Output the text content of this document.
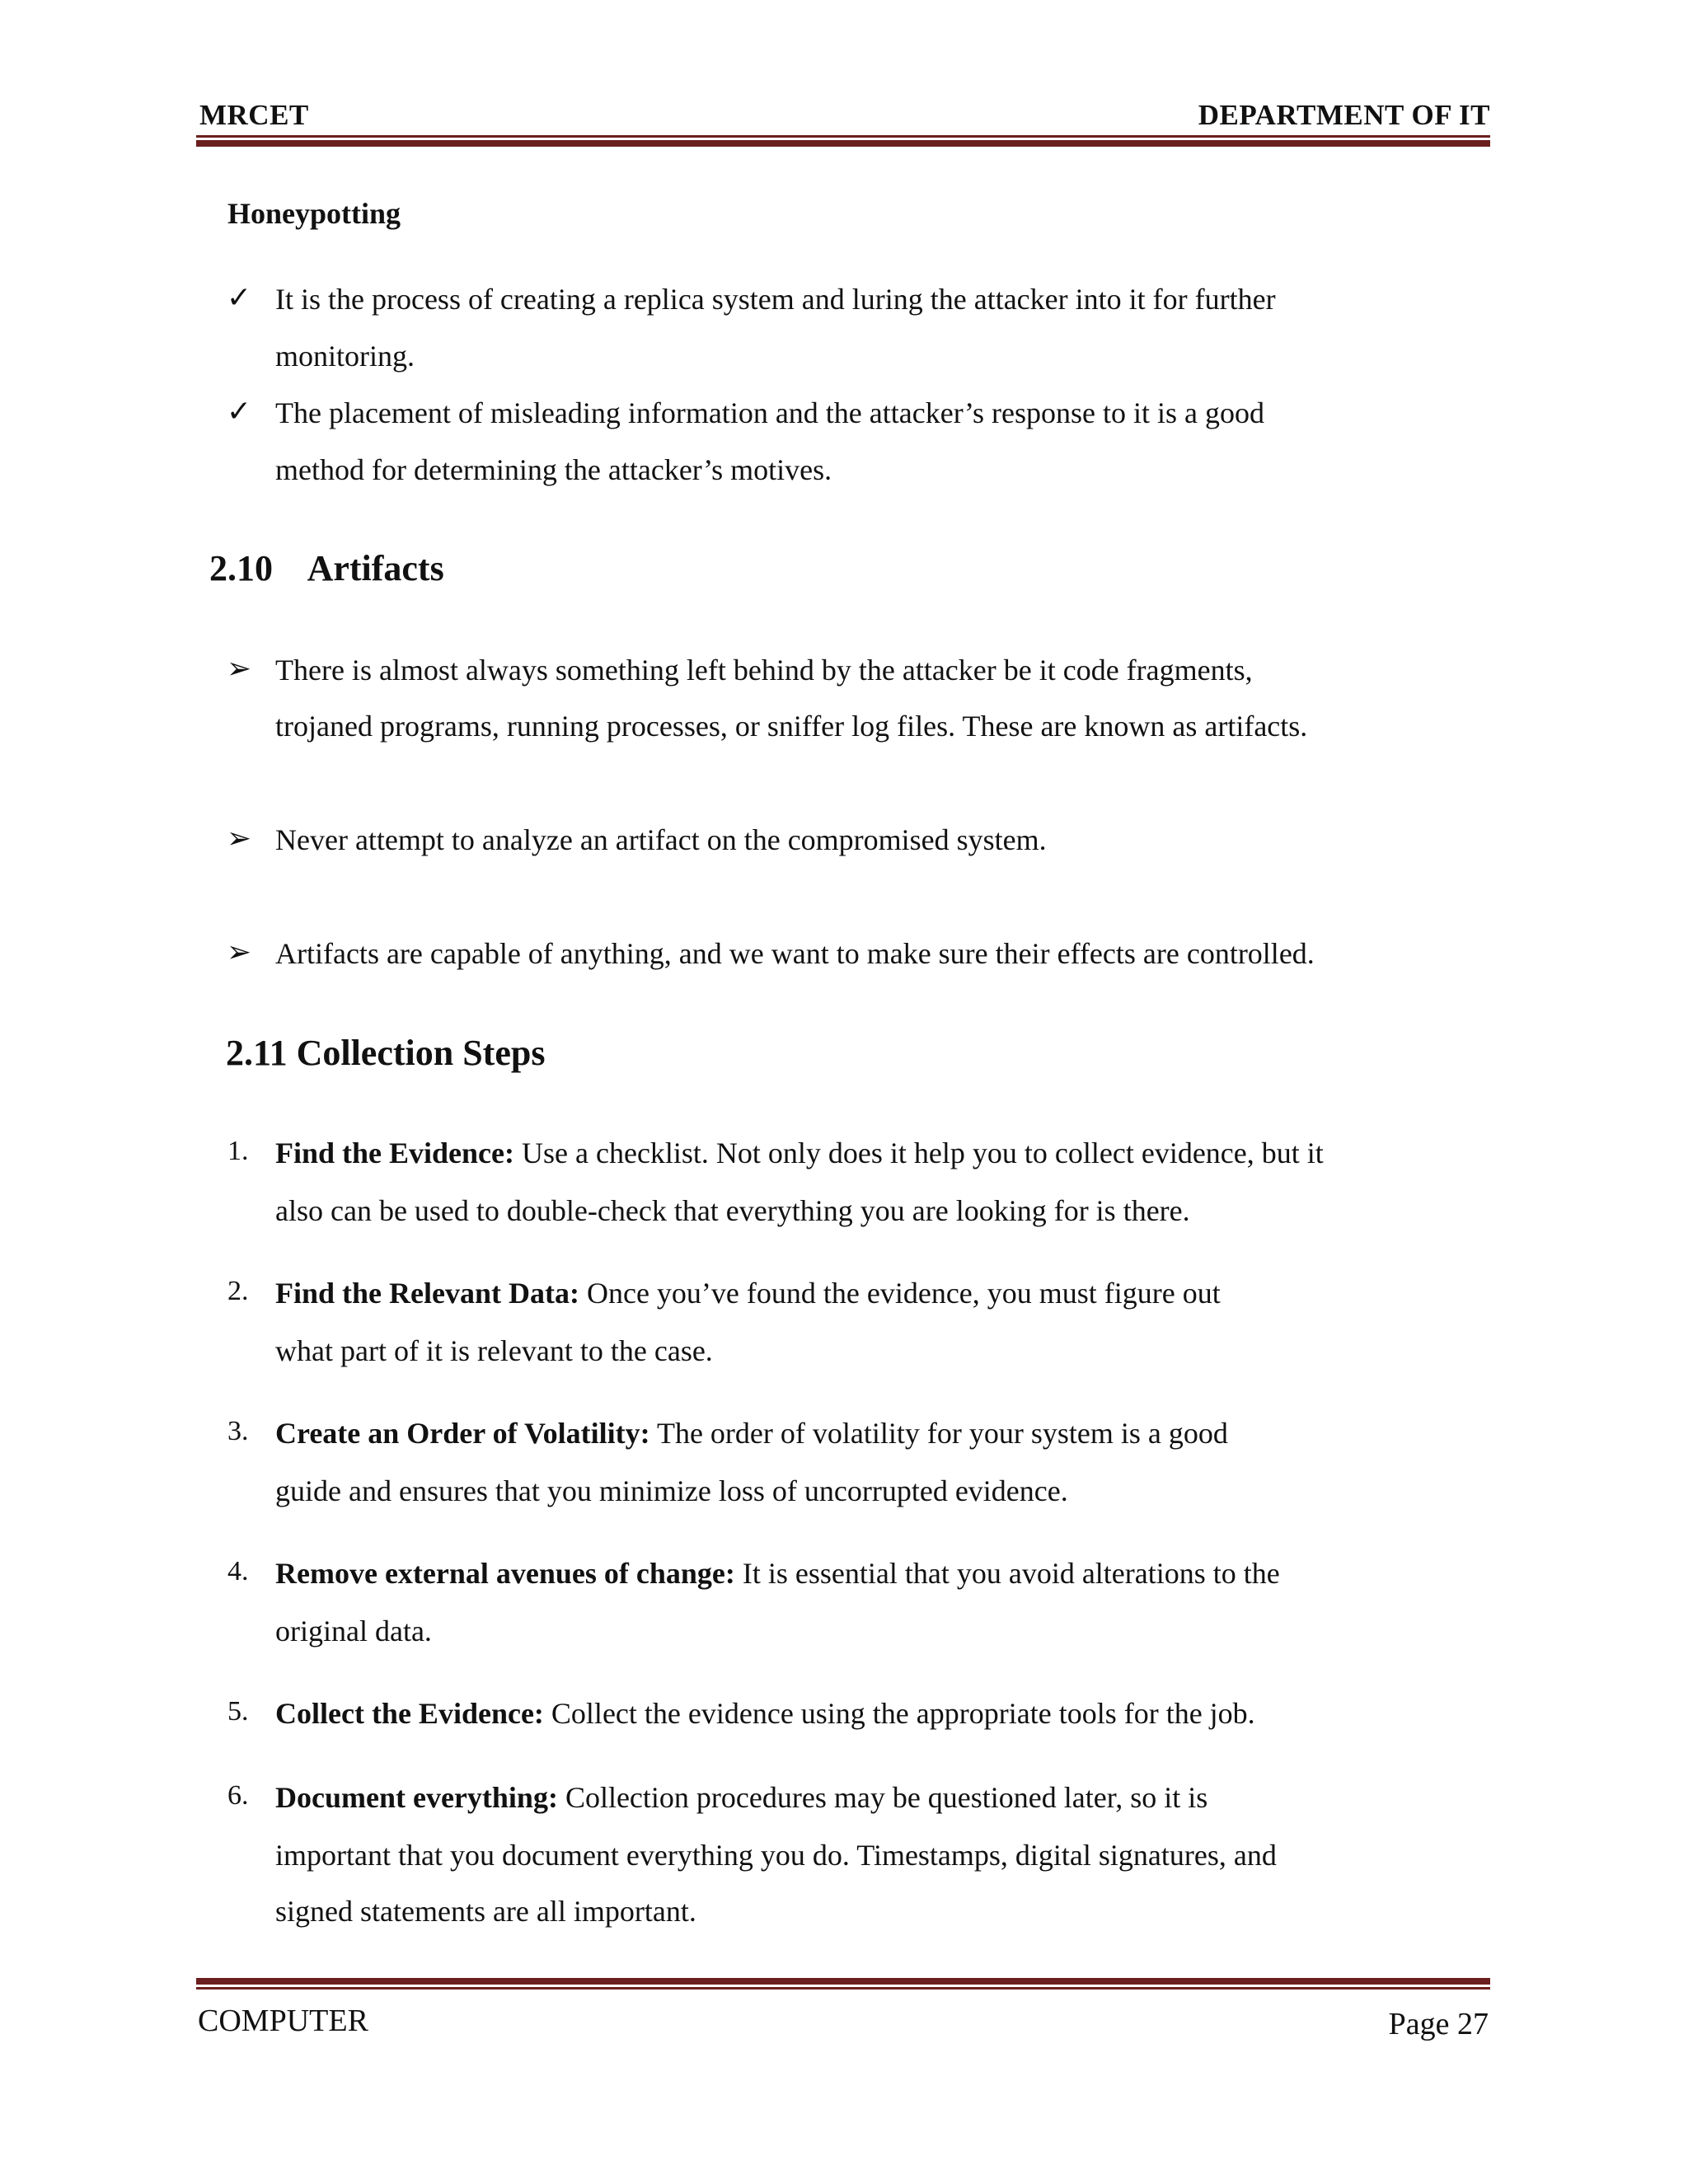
MRCET	DEPARTMENT OF IT
Honeypotting
✓ It is the process of creating a replica system and luring the attacker into it for further
monitoring.
✓ The placement of misleading information and the attacker’s response to it is a good
method for determining the attacker’s motives.
2.10    Artifacts
➢ There is almost always something left behind by the attacker be it code fragments,
trojaned programs, running processes, or sniffer log files. These are known as artifacts.
➢ Never attempt to analyze an artifact on the compromised system.
➢ Artifacts are capable of anything, and we want to make sure their effects are controlled.
2.11 Collection Steps
1. Find the Evidence: Use a checklist. Not only does it help you to collect evidence, but it
also can be used to double-check that everything you are looking for is there.
2. Find the Relevant Data: Once you’ve found the evidence, you must figure out
what part of it is relevant to the case.
3. Create an Order of Volatility: The order of volatility for your system is a good
guide and ensures that you minimize loss of uncorrupted evidence.
4. Remove external avenues of change: It is essential that you avoid alterations to the
original data.
5. Collect the Evidence: Collect the evidence using the appropriate tools for the job.
6. Document everything: Collection procedures may be questioned later, so it is
important that you document everything you do. Timestamps, digital signatures, and
signed statements are all important.
COMPUTER	Page 27
